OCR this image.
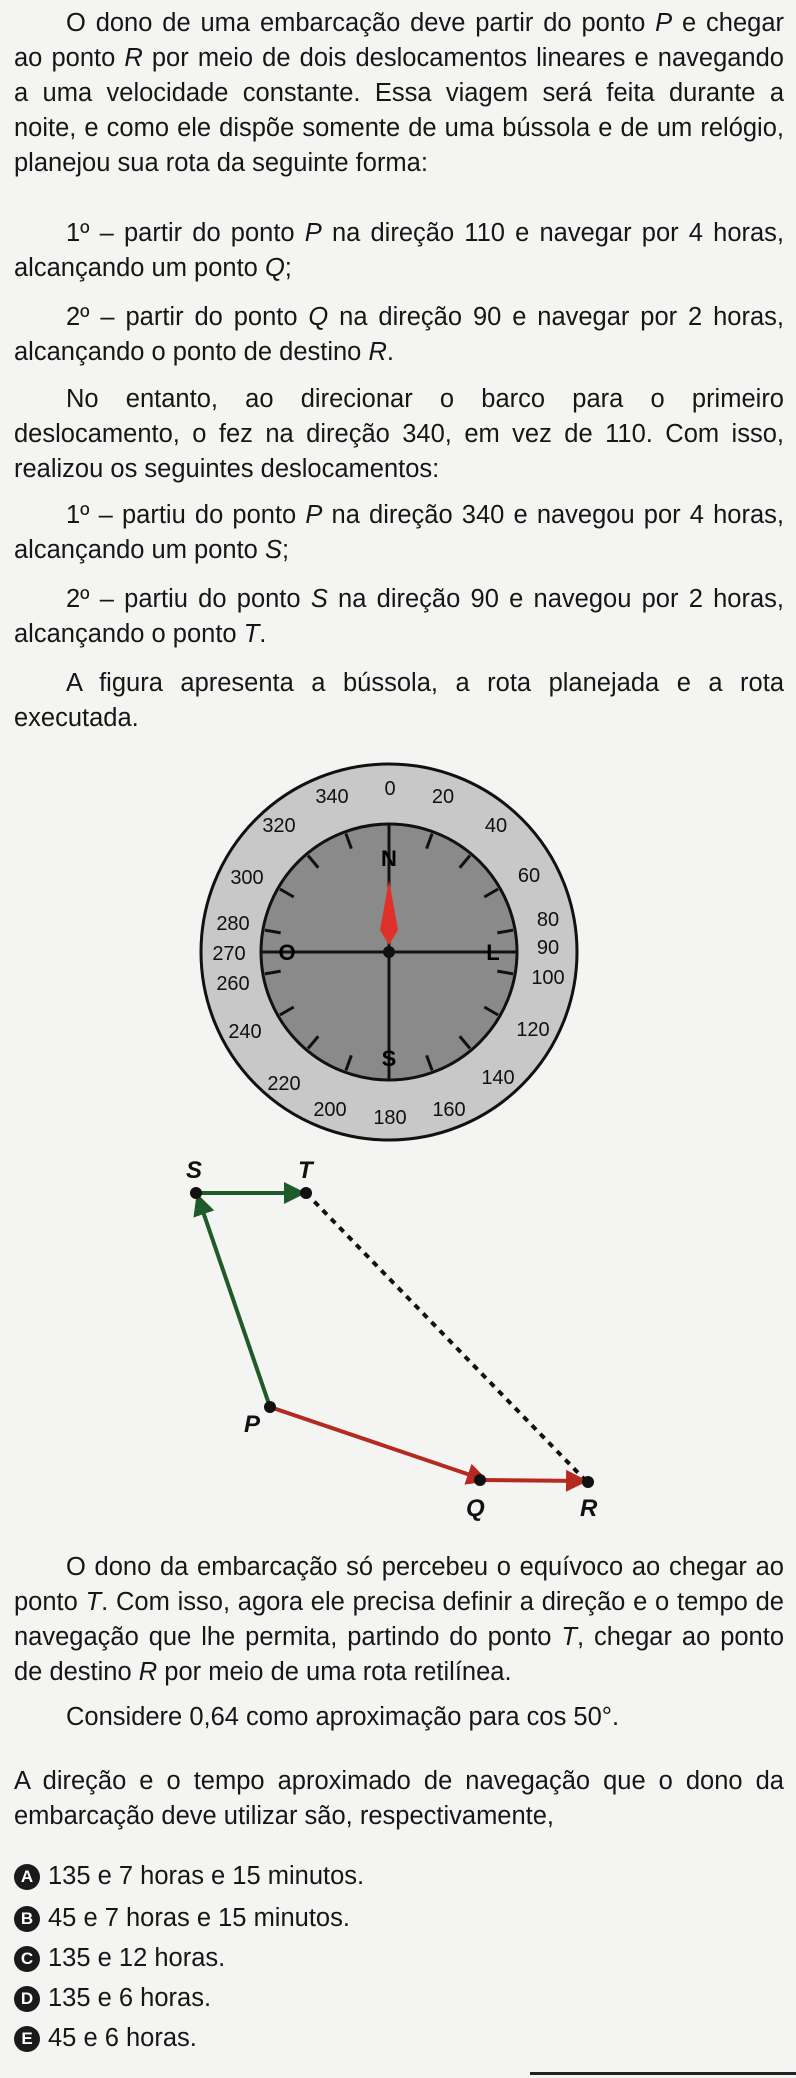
O dono de uma embarcação deve partir do ponto P e chegar ao ponto R por meio de dois deslocamentos lineares e navegando a uma velocidade constante. Essa viagem será feita durante a noite, e como ele dispõe somente de uma bússola e de um relógio, planejou sua rota da seguinte forma:
1º – partir do ponto P na direção 110 e navegar por 4 horas, alcançando um ponto Q;
2º – partir do ponto Q na direção 90 e navegar por 2 horas, alcançando o ponto de destino R.
No entanto, ao direcionar o barco para o primeiro deslocamento, o fez na direção 340, em vez de 110. Com isso, realizou os seguintes deslocamentos:
1º – partiu do ponto P na direção 340 e navegou por 4 horas, alcançando um ponto S;
2º – partiu do ponto S na direção 90 e navegou por 2 horas, alcançando o ponto T.
A figura apresenta a bússola, a rota planejada e a rota executada.
N
S
L
O
340 0 20
320	40
300	60
280	80
270	90
260	100
240	120
220	140
200 180 160
S	T
P
Q	R
O dono da embarcação só percebeu o equívoco ao chegar ao ponto T. Com isso, agora ele precisa definir a direção e o tempo de navegação que lhe permita, partindo do ponto T, chegar ao ponto de destino R por meio de uma rota retilínea.
Considere 0,64 como aproximação para cos 50°.
A direção e o tempo aproximado de navegação que o dono da embarcação deve utilizar são, respectivamente,
A 135 e 7 horas e 15 minutos.
B 45 e 7 horas e 15 minutos.
C 135 e 12 horas.
D 135 e 6 horas.
E 45 e 6 horas.
